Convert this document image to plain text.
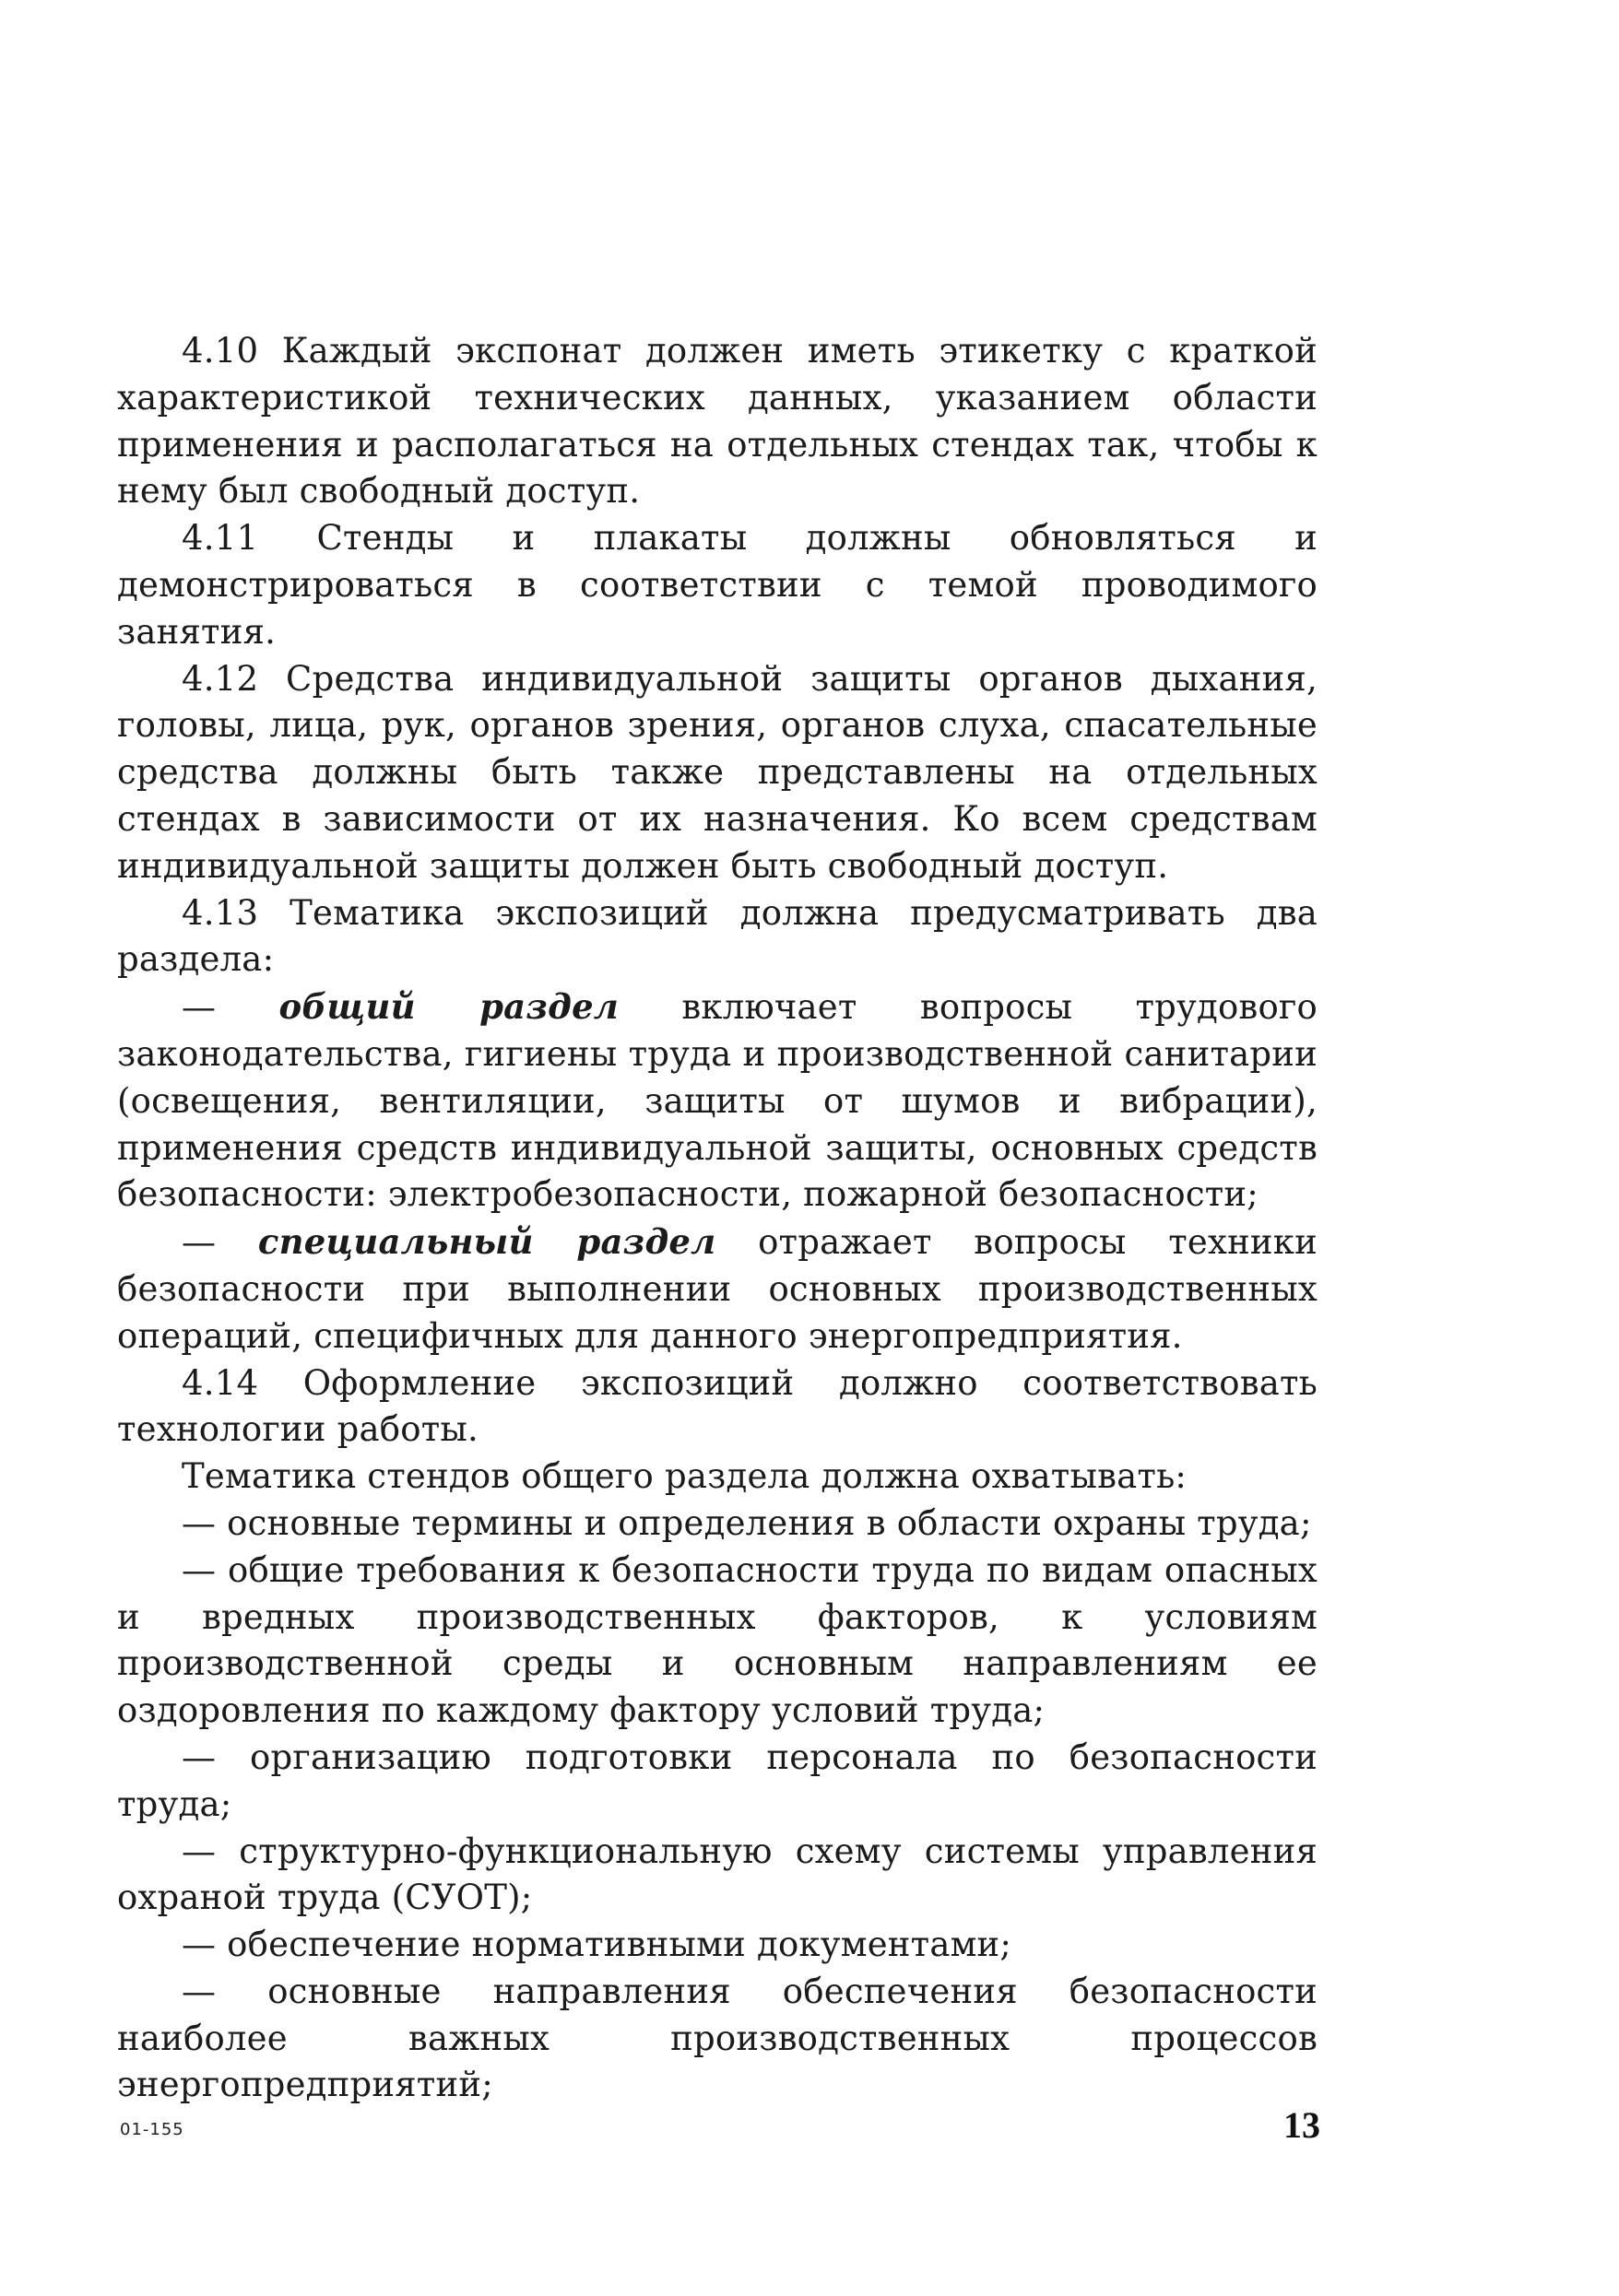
4.10 Каждый экспонат должен иметь этикетку с краткой характеристикой технических данных, указанием области применения и располагаться на отдельных стендах так, чтобы к нему был свободный доступ.

4.11 Стенды и плакаты должны обновляться и демонстрироваться в соответствии с темой проводимого занятия.

4.12 Средства индивидуальной защиты органов дыхания, головы, лица, рук, органов зрения, органов слуха, спасательные средства должны быть также представлены на отдельных стендах в зависимости от их назначения. Ко всем средствам индивидуальной защиты должен быть свободный доступ.

4.13 Тематика экспозиций должна предусматривать два раздела:

— общий раздел включает вопросы трудового законодательства, гигиены труда и производственной санитарии (освещения, вентиляции, защиты от шумов и вибрации), применения средств индивидуальной защиты, основных средств безопасности: электробезопасности, пожарной безопасности;

— специальный раздел отражает вопросы техники безопасности при выполнении основных производственных операций, специфичных для данного энергопредприятия.

4.14 Оформление экспозиций должно соответствовать технологии работы.

Тематика стендов общего раздела должна охватывать:

— основные термины и определения в области охраны труда;

— общие требования к безопасности труда по видам опасных и вредных производственных факторов, к условиям производственной среды и основным направлениям ее оздоровления по каждому фактору условий труда;

— организацию подготовки персонала по безопасности труда;

— структурно-функциональную схему системы управления охраной труда (СУОТ);

— обеспечение нормативными документами;

— основные направления обеспечения безопасности наиболее важных производственных процессов энергопредприятий;

01-155	13
